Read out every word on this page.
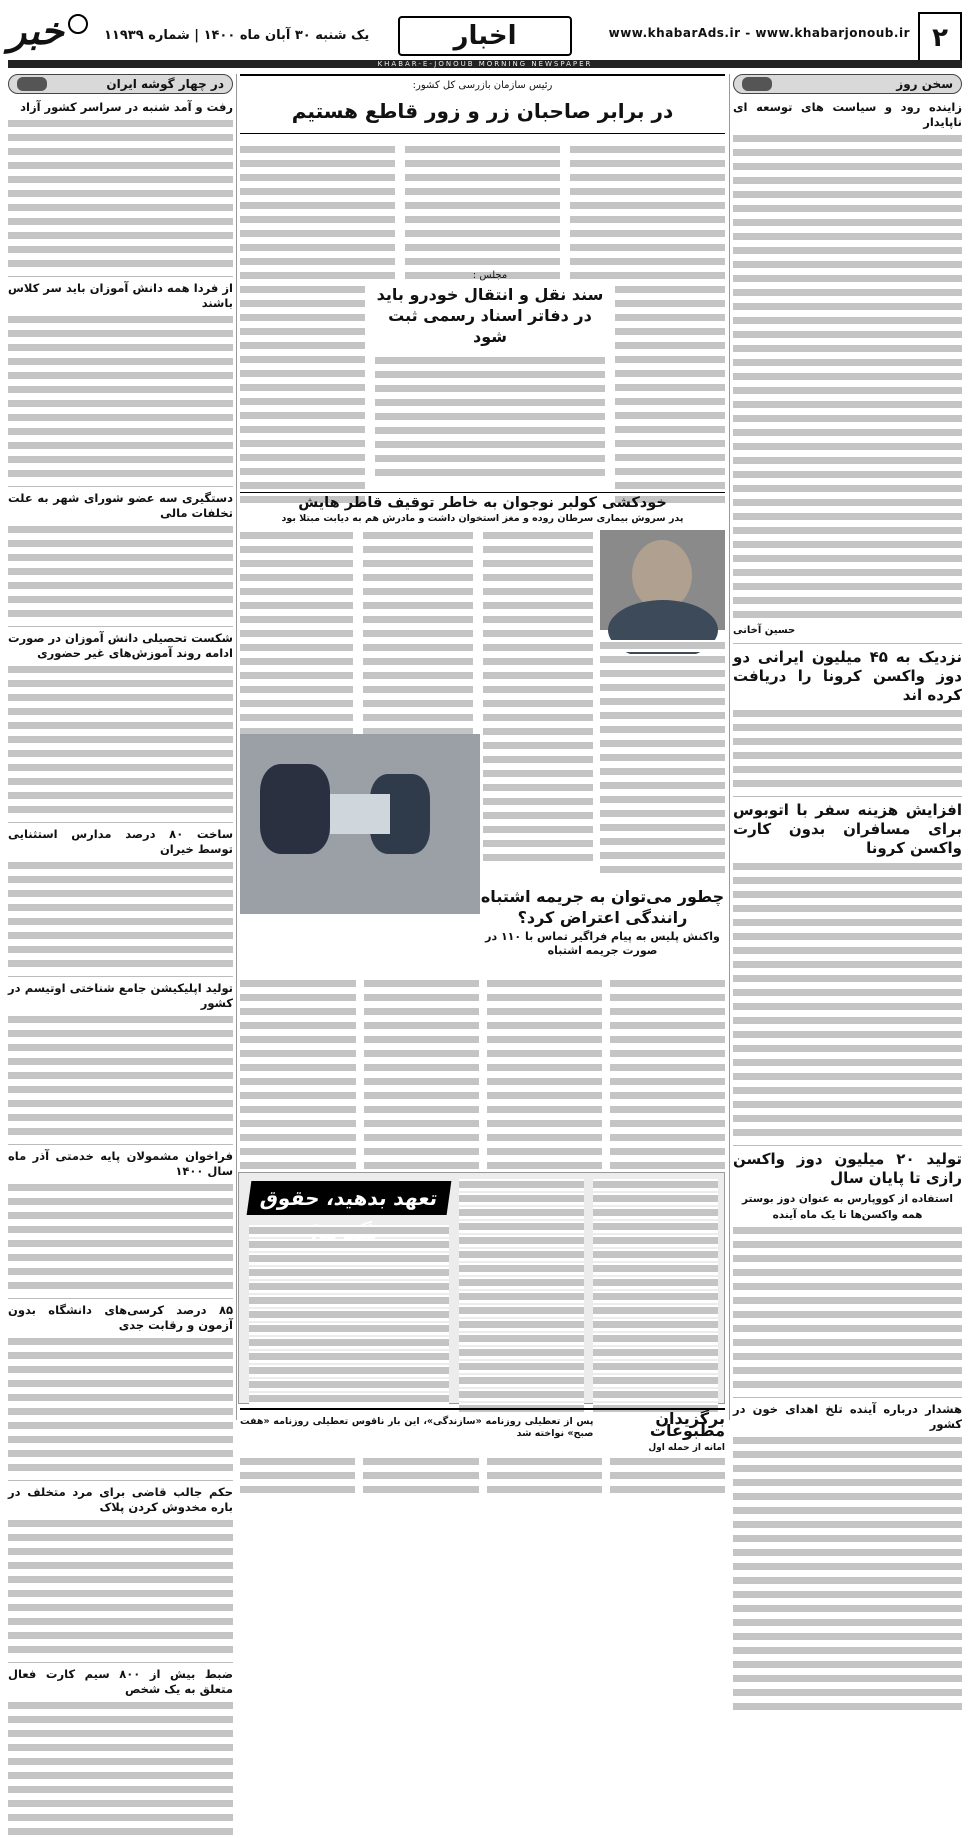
۲
www.khabarAds.ir - www.khabarjonoub.ir
اخبار
یک شنبه ۳۰ آبان ماه ۱۴۰۰ | شماره ۱۱۹۳۹
خبر
KHABAR-E-JONOUB MORNING NEWSPAPER
سخن روز
زاینده رود و سیاست های توسعه ای ناپایدار
حسین آخانی
نزدیک به ۴۵ میلیون ایرانی دو دوز واکسن کرونا را دریافت کرده اند
افزایش هزینه سفر با اتوبوس برای مسافران بدون کارت واکسن کرونا
تولید ۲۰ میلیون دوز واکسن رازی تا پایان سال
استفاده از کووپارس به عنوان دوز بوستر همه واکسن‌ها تا یک ماه آینده
هشدار درباره آینده تلخ اهدای خون در کشور
رئیس سازمان بازرسی کل کشور:
در برابر صاحبان زر و زور قاطع هستیم
مجلس :
سند نقل و انتقال خودرو باید در دفاتر اسناد رسمی ثبت شود
خودکشی کولبر نوجوان به خاطر توقیف قاطر هایش
پدر سروش بیماری سرطان روده و مغز استخوان داشت و مادرش هم به دیابت مبتلا بود
چطور می‌توان به جریمه اشتباه رانندگی اعتراض کرد؟
واکنش پلیس به پیام فراگیر تماس با ۱۱۰ در صورت جریمه اشتباه
تعهد بدهید، حقوق
برگزیدان مطبوعات
پس از تعطیلی روزنامه «سازندگی»، این بار ناقوس تعطیلی روزنامه «هفت صبح» نواخته شد
امانه از حمله اول
در چهار گوشه ایران
رفت و آمد شنبه در سراسر کشور آزاد
از فردا همه دانش آموزان باید سر کلاس باشند
دستگیری سه عضو شورای شهر به علت تخلفات مالی
شکست تحصیلی دانش آموزان در صورت ادامه روند آموزش‌های غیر حضوری
ساخت ۸۰ درصد مدارس استثنایی توسط خیران
تولید اپلیکیشن جامع شناختی اوتیسم در کشور
فراخوان مشمولان پایه خدمتی آذر ماه سال ۱۴۰۰
۸۵ درصد کرسی‌های دانشگاه بدون آزمون و رقابت جدی
حکم جالب قاضی برای مرد متخلف در باره مخدوش کردن پلاک
ضبط بیش از ۸۰۰ سیم کارت فعال متعلق به یک شخص
